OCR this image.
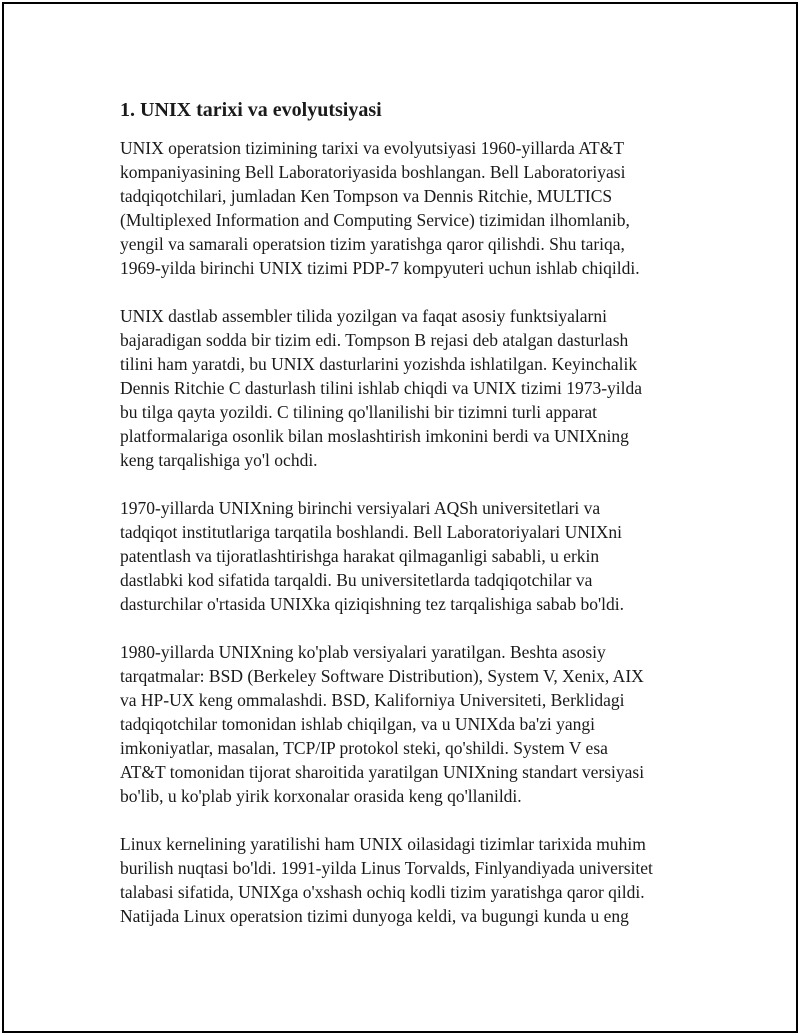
1. UNIX tarixi va evolyutsiyasi
UNIX operatsion tizimining tarixi va evolyutsiyasi 1960-yillarda AT&T
kompaniyasining Bell Laboratoriyasida boshlangan. Bell Laboratoriyasi
tadqiqotchilari, jumladan Ken Tompson va Dennis Ritchie, MULTICS
(Multiplexed Information and Computing Service) tizimidan ilhomlanib,
yengil va samarali operatsion tizim yaratishga qaror qilishdi. Shu tariqa,
1969-yilda birinchi UNIX tizimi PDP-7 kompyuteri uchun ishlab chiqildi.
UNIX dastlab assembler tilida yozilgan va faqat asosiy funktsiyalarni
bajaradigan sodda bir tizim edi. Tompson B rejasi deb atalgan dasturlash
tilini ham yaratdi, bu UNIX dasturlarini yozishda ishlatilgan. Keyinchalik
Dennis Ritchie C dasturlash tilini ishlab chiqdi va UNIX tizimi 1973-yilda
bu tilga qayta yozildi. C tilining qo'llanilishi bir tizimni turli apparat
platformalariga osonlik bilan moslashtirish imkonini berdi va UNIXning
keng tarqalishiga yo'l ochdi.
1970-yillarda UNIXning birinchi versiyalari AQSh universitetlari va
tadqiqot institutlariga tarqatila boshlandi. Bell Laboratoriyalari UNIXni
patentlash va tijoratlashtirishga harakat qilmaganligi sababli, u erkin
dastlabki kod sifatida tarqaldi. Bu universitetlarda tadqiqotchilar va
dasturchilar o'rtasida UNIXka qiziqishning tez tarqalishiga sabab bo'ldi.
1980-yillarda UNIXning ko'plab versiyalari yaratilgan. Beshta asosiy
tarqatmalar: BSD (Berkeley Software Distribution), System V, Xenix, AIX
va HP-UX keng ommalashdi. BSD, Kaliforniya Universiteti, Berklidagi
tadqiqotchilar tomonidan ishlab chiqilgan, va u UNIXda ba'zi yangi
imkoniyatlar, masalan, TCP/IP protokol steki, qo'shildi. System V esa
AT&T tomonidan tijorat sharoitida yaratilgan UNIXning standart versiyasi
bo'lib, u ko'plab yirik korxonalar orasida keng qo'llanildi.
Linux kernelining yaratilishi ham UNIX oilasidagi tizimlar tarixida muhim
burilish nuqtasi bo'ldi. 1991-yilda Linus Torvalds, Finlyandiyada universitet
talabasi sifatida, UNIXga o'xshash ochiq kodli tizim yaratishga qaror qildi.
Natijada Linux operatsion tizimi dunyoga keldi, va bugungi kunda u eng
